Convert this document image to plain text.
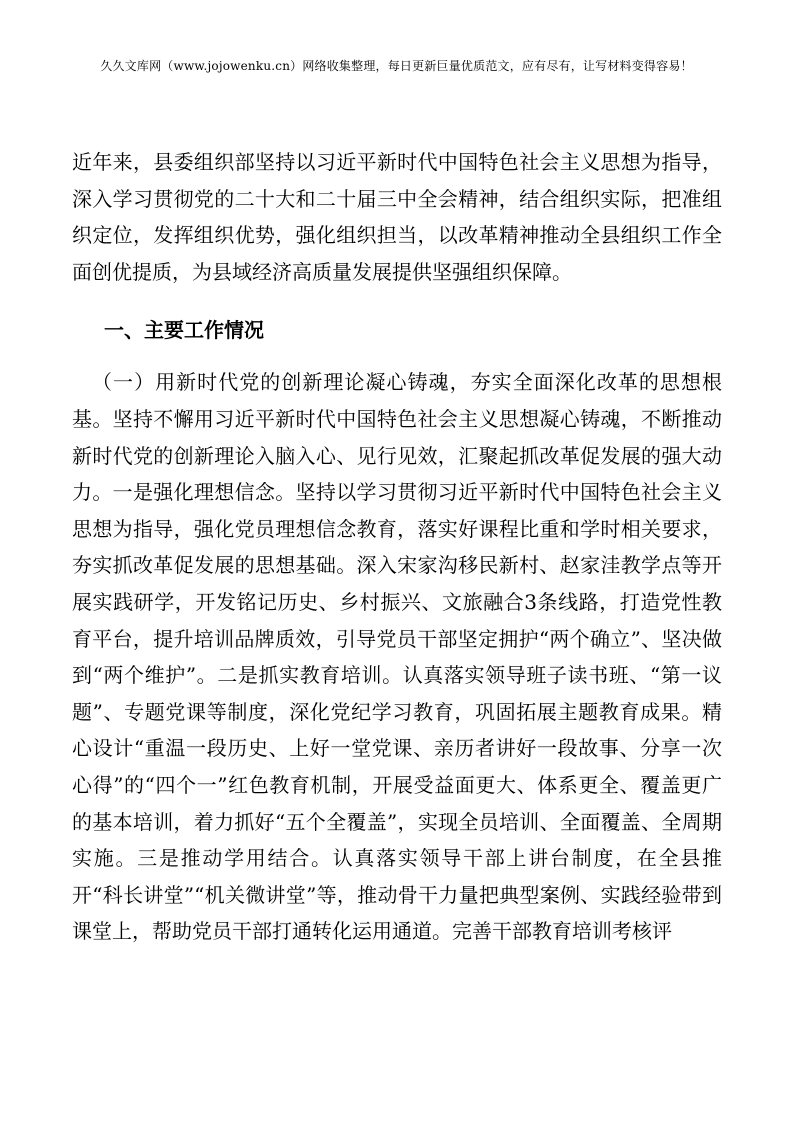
久久文库网（www.jojowenku.cn）网络收集整理，每日更新巨量优质范文，应有尽有，让写材料变得容易！

近年来，县委组织部坚持以习近平新时代中国特色社会主义思想为指导，深入学习贯彻党的二十大和二十届三中全会精神，结合组织实际，把准组织定位，发挥组织优势，强化组织担当，以改革精神推动全县组织工作全面创优提质，为县域经济高质量发展提供坚强组织保障。

一、主要工作情况

（一）用新时代党的创新理论凝心铸魂，夯实全面深化改革的思想根基。坚持不懈用习近平新时代中国特色社会主义思想凝心铸魂，不断推动新时代党的创新理论入脑入心、见行见效，汇聚起抓改革促发展的强大动力。一是强化理想信念。坚持以学习贯彻习近平新时代中国特色社会主义思想为指导，强化党员理想信念教育，落实好课程比重和学时相关要求，夯实抓改革促发展的思想基础。深入宋家沟移民新村、赵家洼教学点等开展实践研学，开发铭记历史、乡村振兴、文旅融合3条线路，打造党性教育平台，提升培训品牌质效，引导党员干部坚定拥护“两个确立”、坚决做到“两个维护”。二是抓实教育培训。认真落实领导班子读书班、“第一议题”、专题党课等制度，深化党纪学习教育，巩固拓展主题教育成果。精心设计“重温一段历史、上好一堂党课、亲历者讲好一段故事、分享一次心得”的“四个一”红色教育机制，开展受益面更大、体系更全、覆盖更广的基本培训，着力抓好“五个全覆盖”，实现全员培训、全面覆盖、全周期实施。三是推动学用结合。认真落实领导干部上讲台制度，在全县推开“科长讲堂”“机关微讲堂”等，推动骨干力量把典型案例、实践经验带到课堂上，帮助党员干部打通转化运用通道。完善干部教育培训考核评
